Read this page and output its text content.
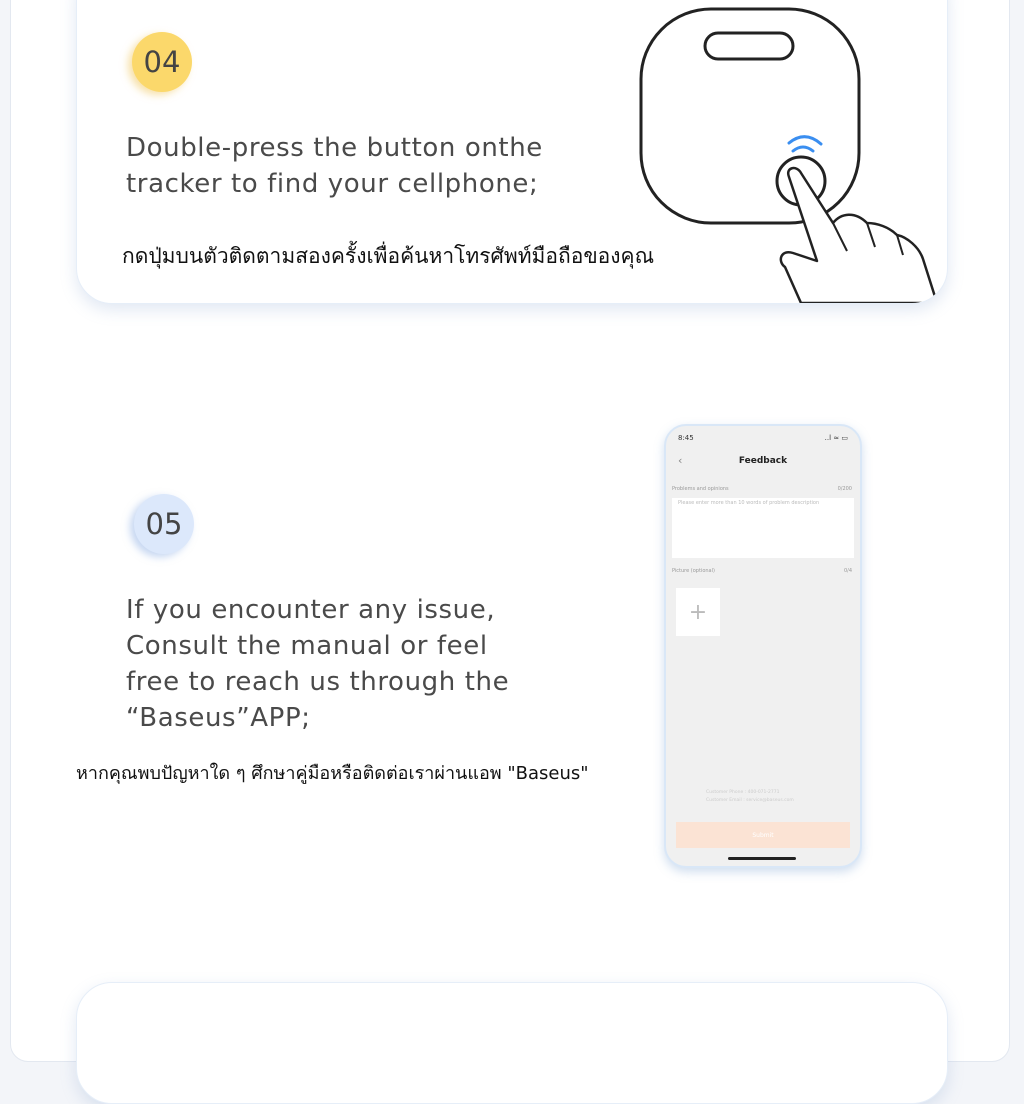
04
Double-press the button onthe
tracker to find your cellphone;
กดปุ่มบนตัวติดตามสองครั้งเพื่อค้นหาโทรศัพท์มือถือของคุณ
05
If you encounter any issue,
Consult the manual or feel
free to reach us through the
“Baseus”APP;
หากคุณพบปัญหาใด ๆ ศึกษาคู่มือหรือติดต่อเราผ่านแอพ "Baseus"
8:45	..l ≈ ▭
‹	Feedback
Problems and opinions	0/200
Please enter more than 10 words of problem description
Picture (optional)	0/4
+
Customer Phone : 400-071-2771
Customer Email : service@baseus.com
Submit
